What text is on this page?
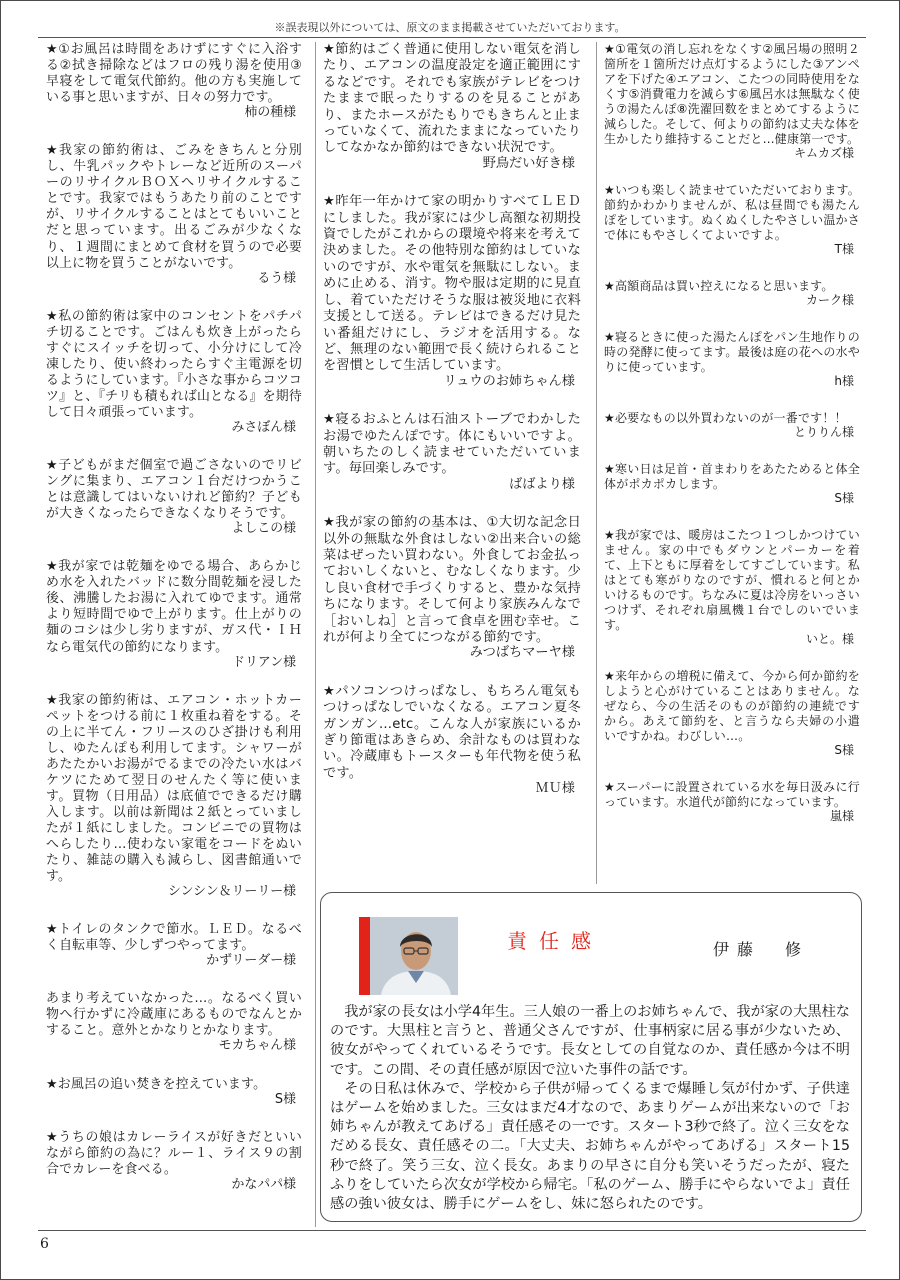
※誤表現以外については、原文のまま掲載させていただいております。
★①お風呂は時間をあけずにすぐに入浴する②拭き掃除などはフロの残り湯を使用③早寝をして電気代節約。他の方も実施している事と思いますが、日々の努力です。
柿の種様
★我家の節約術は、ごみをきちんと分別し、牛乳パックやトレーなど近所のスーパーのリサイクルＢＯＸへリサイクルすることです。我家ではもうあたり前のことですが、リサイクルすることはとてもいいことだと思っています。出るごみが少なくなり、１週間にまとめて食材を買うので必要以上に物を買うことがないです。
るう様
★私の節約術は家中のコンセントをパチパチ切ることです。ごはんも炊き上がったらすぐにスイッチを切って、小分けにして冷凍したり、使い終わったらすぐ主電源を切るようにしています。『小さな事からコツコツ』と、『チリも積もれば山となる』を期待して日々頑張っています。
みさぼん様
★子どもがまだ個室で過ごさないのでリビングに集まり、エアコン１台だけつかうことは意識してはいないけれど節約？子どもが大きくなったらできなくなりそうです。
よしこの様
★我が家では乾麺をゆでる場合、あらかじめ水を入れたバッドに数分間乾麺を浸した後、沸騰したお湯に入れてゆでます。通常より短時間でゆで上がります。仕上がりの麺のコシは少し劣りますが、ガス代・ＩＨなら電気代の節約になります。
ドリアン様
★我家の節約術は、エアコン・ホットカーペットをつける前に１枚重ね着をする。その上に半てん・フリースのひざ掛けも利用し、ゆたんぽも利用してます。シャワーがあたたかいお湯がでるまでの冷たい水はバケツにためて翌日のせんたく等に使います。買物（日用品）は底値でできるだけ購入します。以前は新聞は２紙とっていましたが１紙にしました。コンビニでの買物はへらしたり…使わない家電をコードをぬいたり、雑誌の購入も減らし、図書館通いです。
シンシン＆リーリー様
★トイレのタンクで節水。ＬＥＤ。なるべく自転車等、少しずつやってます。
かずリーダー様
あまり考えていなかった…。なるべく買い物へ行かずに冷蔵庫にあるものでなんとかすること。意外とかなりとかなります。
モカちゃん様
★お風呂の追い焚きを控えています。
S様
★うちの娘はカレーライスが好きだといいながら節約の為に？ルー１、ライス９の割合でカレーを食べる。
かなパパ様
★節約はごく普通に使用しない電気を消したり、エアコンの温度設定を適正範囲にするなどです。それでも家族がテレビをつけたままで眠ったりするのを見ることがあり、またホースがたもりでもきちんと止まっていなくて、流れたままになっていたりしてなかなか節約はできない状況です。
野鳥だい好き様
★昨年一年かけて家の明かりすべてＬＥＤにしました。我が家には少し高額な初期投資でしたがこれからの環境や将来を考えて決めました。その他特別な節約はしていないのですが、水や電気を無駄にしない。まめに止める、消す。物や服は定期的に見直し、着ていただけそうな服は被災地に衣料支援として送る。テレビはできるだけ見たい番組だけにし、ラジオを活用する。など、無理のない範囲で長く続けられることを習慣として生活しています。
リュウのお姉ちゃん様
★寝るおふとんは石油ストーブでわかしたお湯でゆたんぽです。体にもいいですよ。朝いちたのしく読ませていただいています。毎回楽しみです。
ばばより様
★我が家の節約の基本は、①大切な記念日以外の無駄な外食はしない②出来合いの総菜はぜったい買わない。外食してお金払っておいしくないと、むなしくなります。少し良い食材で手づくりすると、豊かな気持ちになります。そして何より家族みんなで［おいしね］と言って食卓を囲む幸せ。これが何より全てにつながる節約です。
みつばちマーヤ様
★パソコンつけっぱなし、もちろん電気もつけっぱなしでいなくなる。エアコン夏冬ガンガン…etc。こんな人が家族にいるかぎり節電はあきらめ、余計なものは買わない。冷蔵庫もトースターも年代物を使う私です。
ＭＵ様
★①電気の消し忘れをなくす②風呂場の照明２箇所を１箇所だけ点灯するようにした③アンペアを下げた④エアコン、こたつの同時使用をなくす⑤消費電力を減らす⑥風呂水は無駄なく使う⑦湯たんぽ⑧洗濯回数をまとめてするように減らした。そして、何よりの節約は丈夫な体を生かしたり維持することだと…健康第一です。
キムカズ様
★いつも楽しく読ませていただいております。節約かわかりませんが、私は昼間でも湯たんぽをしています。ぬくぬくしたやさしい温かさで体にもやさしくてよいですよ。
T様
★高額商品は買い控えになると思います。
カーク様
★寝るときに使った湯たんぽをパン生地作りの時の発酵に使ってます。最後は庭の花への水やりに使っています。
h様
★必要なもの以外買わないのが一番です！！
とりりん様
★寒い日は足首・首まわりをあたためると体全体がポカポカします。
S様
★我が家では、暖房はこたつ１つしかつけていません。家の中でもダウンとパーカーを着て、上下ともに厚着をしてすごしています。私はとても寒がりなのですが、慣れると何とかいけるものです。ちなみに夏は冷房をいっさいつけず、それぞれ扇風機１台でしのいでいます。
いと。様
★来年からの増税に備えて、今から何か節約をしようと心がけていることはありません。なぜなら、今の生活そのものが節約の連続ですから。あえて節約を、と言うなら夫婦の小遣いですかね。わびしい…。
S様
★スーパーに設置されている水を毎日汲みに行っています。水道代が節約になっています。
嵐様
責任感	伊藤　修

我が家の長女は小学4年生。三人娘の一番上のお姉ちゃんで、我が家の大黒柱なのです。大黒柱と言うと、普通父さんですが、仕事柄家に居る事が少ないため、彼女がやってくれているそうです。長女としての自覚なのか、責任感か今は不明です。この間、その責任感が原因で泣いた事件の話です。

その日私は休みで、学校から子供が帰ってくるまで爆睡し気が付かず、子供達はゲームを始めました。三女はまだ4才なので、あまりゲームが出来ないので「お姉ちゃんが教えてあげる」責任感その一です。スタート3秒で終了。泣く三女をなだめる長女、責任感その二。「大丈夫、お姉ちゃんがやってあげる」スタート15秒で終了。笑う三女、泣く長女。あまりの早さに自分も笑いそうだったが、寝たふりをしていたら次女が学校から帰宅。「私のゲーム、勝手にやらないでよ」責任感の強い彼女は、勝手にゲームをし、妹に怒られたのです。

6
